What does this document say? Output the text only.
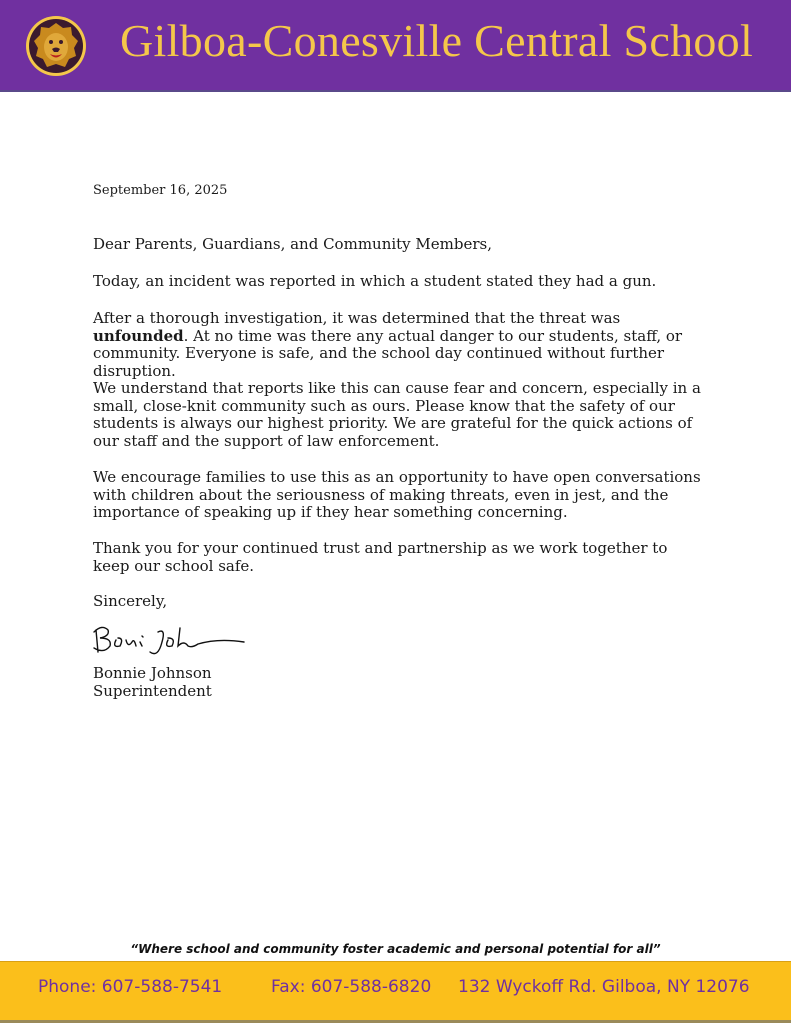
Gilboa-Conesville Central School
September 16, 2025
Dear Parents, Guardians, and Community Members,
Today, an incident was reported in which a student stated they had a gun.
After a thorough investigation, it was determined that the threat was unfounded. At no time was there any actual danger to our students, staff, or community. Everyone is safe, and the school day continued without further disruption.
We understand that reports like this can cause fear and concern, especially in a small, close-knit community such as ours. Please know that the safety of our students is always our highest priority. We are grateful for the quick actions of our staff and the support of law enforcement.
We encourage families to use this as an opportunity to have open conversations with children about the seriousness of making threats, even in jest, and the importance of speaking up if they hear something concerning.
Thank you for your continued trust and partnership as we work together to keep our school safe.
Sincerely,
Bonnie Johnson
Superintendent
“Where school and community foster academic and personal potential for all”
Phone: 607-588-7541	Fax: 607-588-6820 132 Wyckoff Rd. Gilboa, NY 12076
